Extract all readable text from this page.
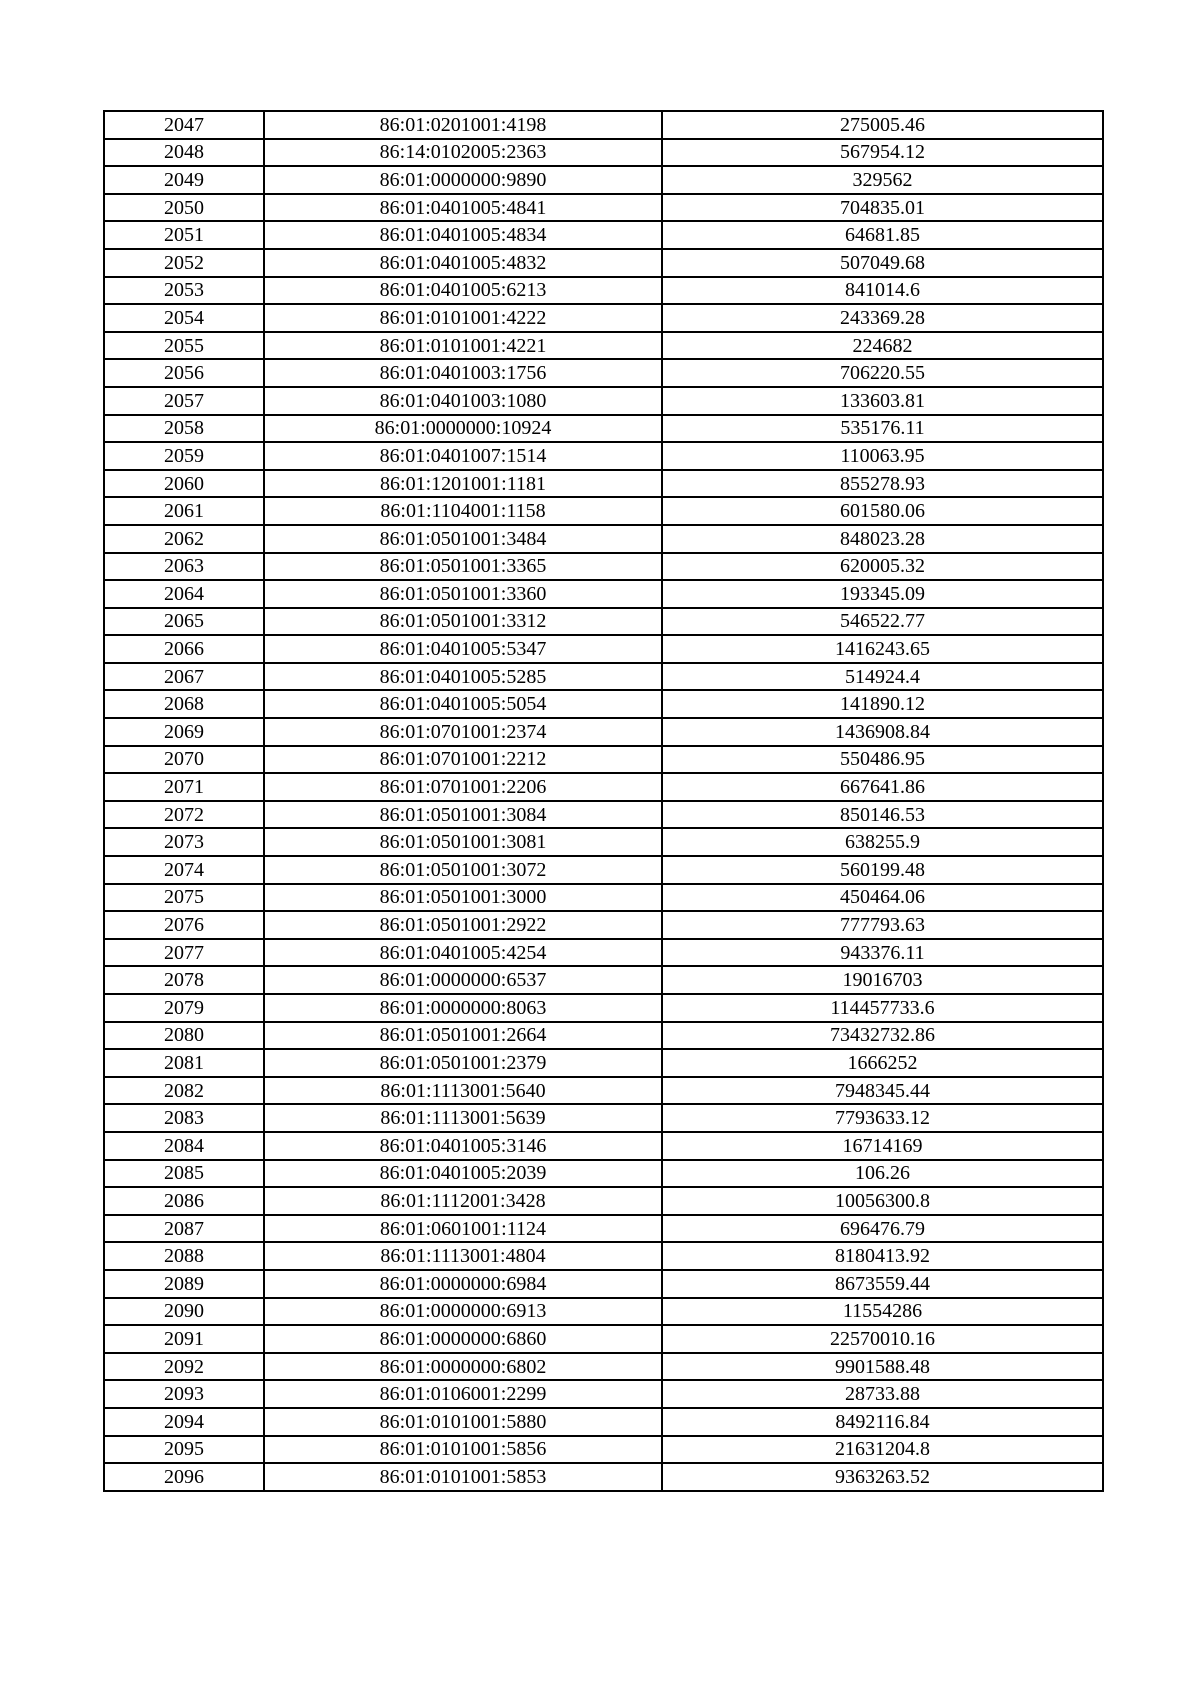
2047	86:01:0201001:4198	275005.46
2048	86:14:0102005:2363	567954.12
2049	86:01:0000000:9890	329562
2050	86:01:0401005:4841	704835.01
2051	86:01:0401005:4834	64681.85
2052	86:01:0401005:4832	507049.68
2053	86:01:0401005:6213	841014.6
2054	86:01:0101001:4222	243369.28
2055	86:01:0101001:4221	224682
2056	86:01:0401003:1756	706220.55
2057	86:01:0401003:1080	133603.81
2058	86:01:0000000:10924	535176.11
2059	86:01:0401007:1514	110063.95
2060	86:01:1201001:1181	855278.93
2061	86:01:1104001:1158	601580.06
2062	86:01:0501001:3484	848023.28
2063	86:01:0501001:3365	620005.32
2064	86:01:0501001:3360	193345.09
2065	86:01:0501001:3312	546522.77
2066	86:01:0401005:5347	1416243.65
2067	86:01:0401005:5285	514924.4
2068	86:01:0401005:5054	141890.12
2069	86:01:0701001:2374	1436908.84
2070	86:01:0701001:2212	550486.95
2071	86:01:0701001:2206	667641.86
2072	86:01:0501001:3084	850146.53
2073	86:01:0501001:3081	638255.9
2074	86:01:0501001:3072	560199.48
2075	86:01:0501001:3000	450464.06
2076	86:01:0501001:2922	777793.63
2077	86:01:0401005:4254	943376.11
2078	86:01:0000000:6537	19016703
2079	86:01:0000000:8063	114457733.6
2080	86:01:0501001:2664	73432732.86
2081	86:01:0501001:2379	1666252
2082	86:01:1113001:5640	7948345.44
2083	86:01:1113001:5639	7793633.12
2084	86:01:0401005:3146	16714169
2085	86:01:0401005:2039	106.26
2086	86:01:1112001:3428	10056300.8
2087	86:01:0601001:1124	696476.79
2088	86:01:1113001:4804	8180413.92
2089	86:01:0000000:6984	8673559.44
2090	86:01:0000000:6913	11554286
2091	86:01:0000000:6860	22570010.16
2092	86:01:0000000:6802	9901588.48
2093	86:01:0106001:2299	28733.88
2094	86:01:0101001:5880	8492116.84
2095	86:01:0101001:5856	21631204.8
2096	86:01:0101001:5853	9363263.52
